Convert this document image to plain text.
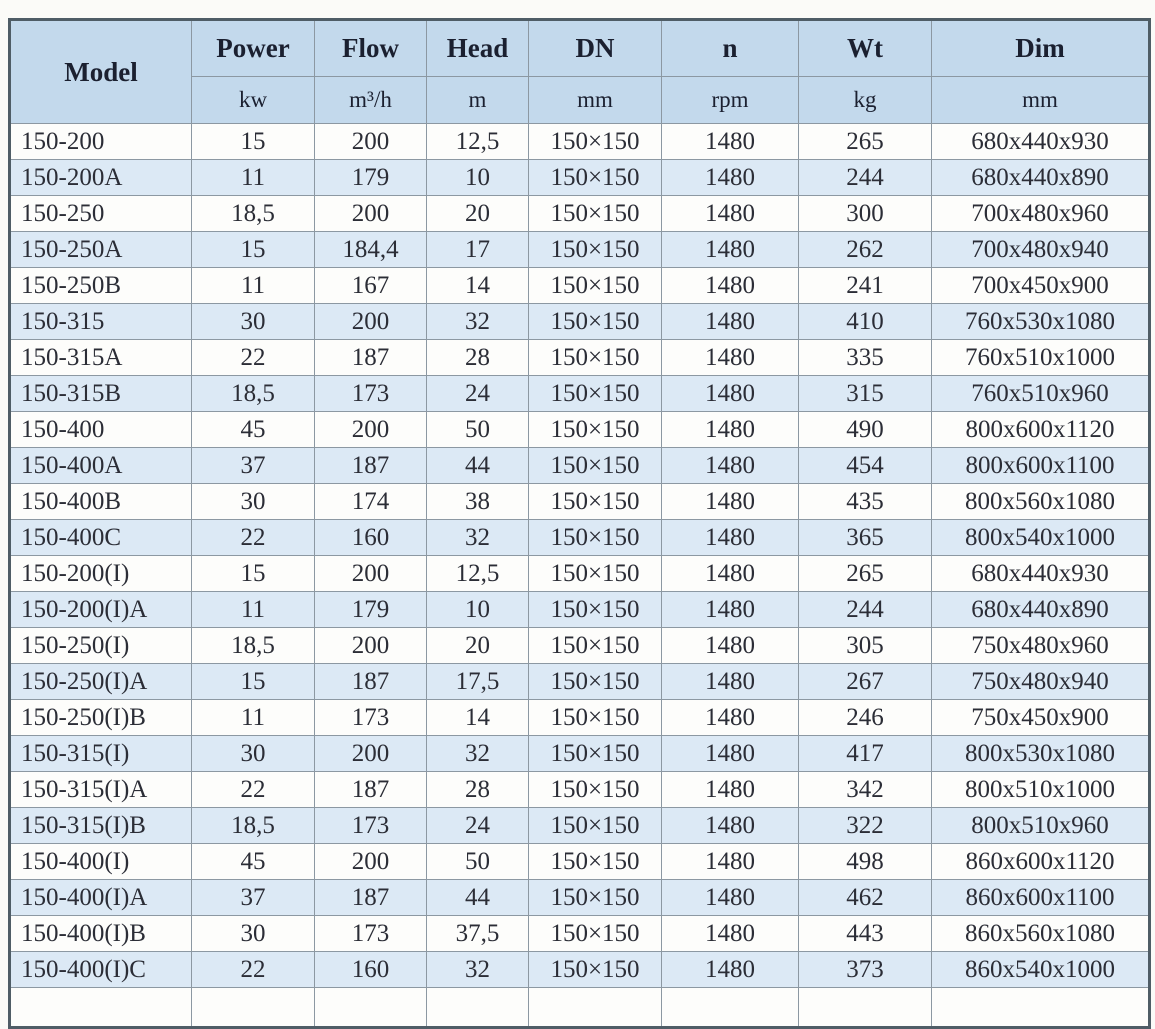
Model	Power	Flow	Head	DN	n	Wt	Dim
	kw	m³/h	m	mm	rpm	kg	mm
150-200	15	200	12,5	150×150	1480	265	680x440x930
150-200A	11	179	10	150×150	1480	244	680x440x890
150-250	18,5	200	20	150×150	1480	300	700x480x960
150-250A	15	184,4	17	150×150	1480	262	700x480x940
150-250B	11	167	14	150×150	1480	241	700x450x900
150-315	30	200	32	150×150	1480	410	760x530x1080
150-315A	22	187	28	150×150	1480	335	760x510x1000
150-315B	18,5	173	24	150×150	1480	315	760x510x960
150-400	45	200	50	150×150	1480	490	800x600x1120
150-400A	37	187	44	150×150	1480	454	800x600x1100
150-400B	30	174	38	150×150	1480	435	800x560x1080
150-400C	22	160	32	150×150	1480	365	800x540x1000
150-200(I)	15	200	12,5	150×150	1480	265	680x440x930
150-200(I)A	11	179	10	150×150	1480	244	680x440x890
150-250(I)	18,5	200	20	150×150	1480	305	750x480x960
150-250(I)A	15	187	17,5	150×150	1480	267	750x480x940
150-250(I)B	11	173	14	150×150	1480	246	750x450x900
150-315(I)	30	200	32	150×150	1480	417	800x530x1080
150-315(I)A	22	187	28	150×150	1480	342	800x510x1000
150-315(I)B	18,5	173	24	150×150	1480	322	800x510x960
150-400(I)	45	200	50	150×150	1480	498	860x600x1120
150-400(I)A	37	187	44	150×150	1480	462	860x600x1100
150-400(I)B	30	173	37,5	150×150	1480	443	860x560x1080
150-400(I)C	22	160	32	150×150	1480	373	860x540x1000
